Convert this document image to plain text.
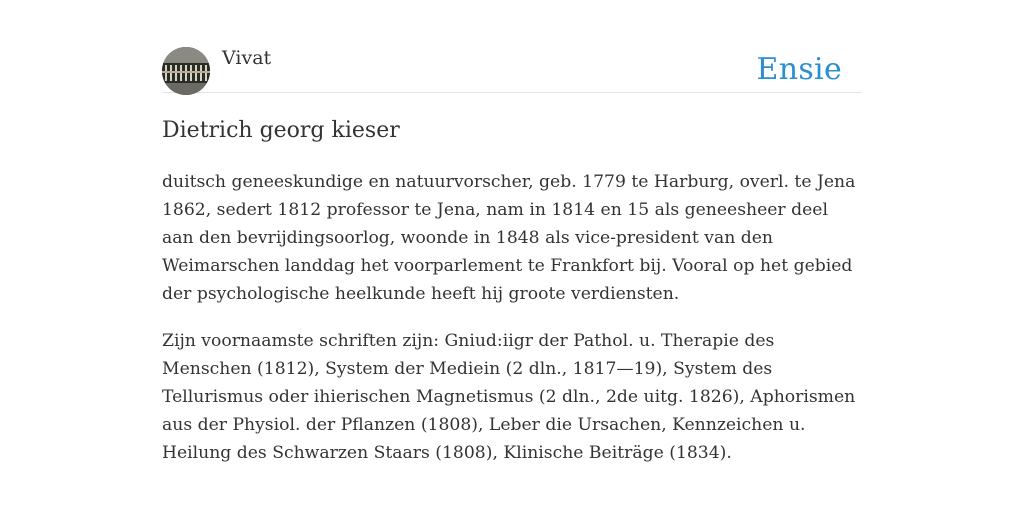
Vivat	Ensie
Dietrich georg kieser

duitsch geneeskundige en natuurvorscher, geb. 1779 te Harburg, overl. te Jena 1862, sedert 1812 professor te Jena, nam in 1814 en 15 als geneesheer deel aan den bevrijdingsoorlog, woonde in 1848 als vice-president van den Weimarschen landdag het voorparlement te Frankfort bij. Vooral op het gebied der psychologische heelkunde heeft hij groote verdiensten.

Zijn voornaamste schriften zijn: Gniud:iigr der Pathol. u. Therapie des Menschen (1812), System der Mediein (2 dln., 1817—19), System des Tellurismus oder ihierischen Magnetismus (2 dln., 2de uitg. 1826), Aphorismen aus der Physiol. der Pflanzen (1808), Leber die Ursachen, Kennzeichen u. Heilung des Schwarzen Staars (1808), Klinische Beiträge (1834).
